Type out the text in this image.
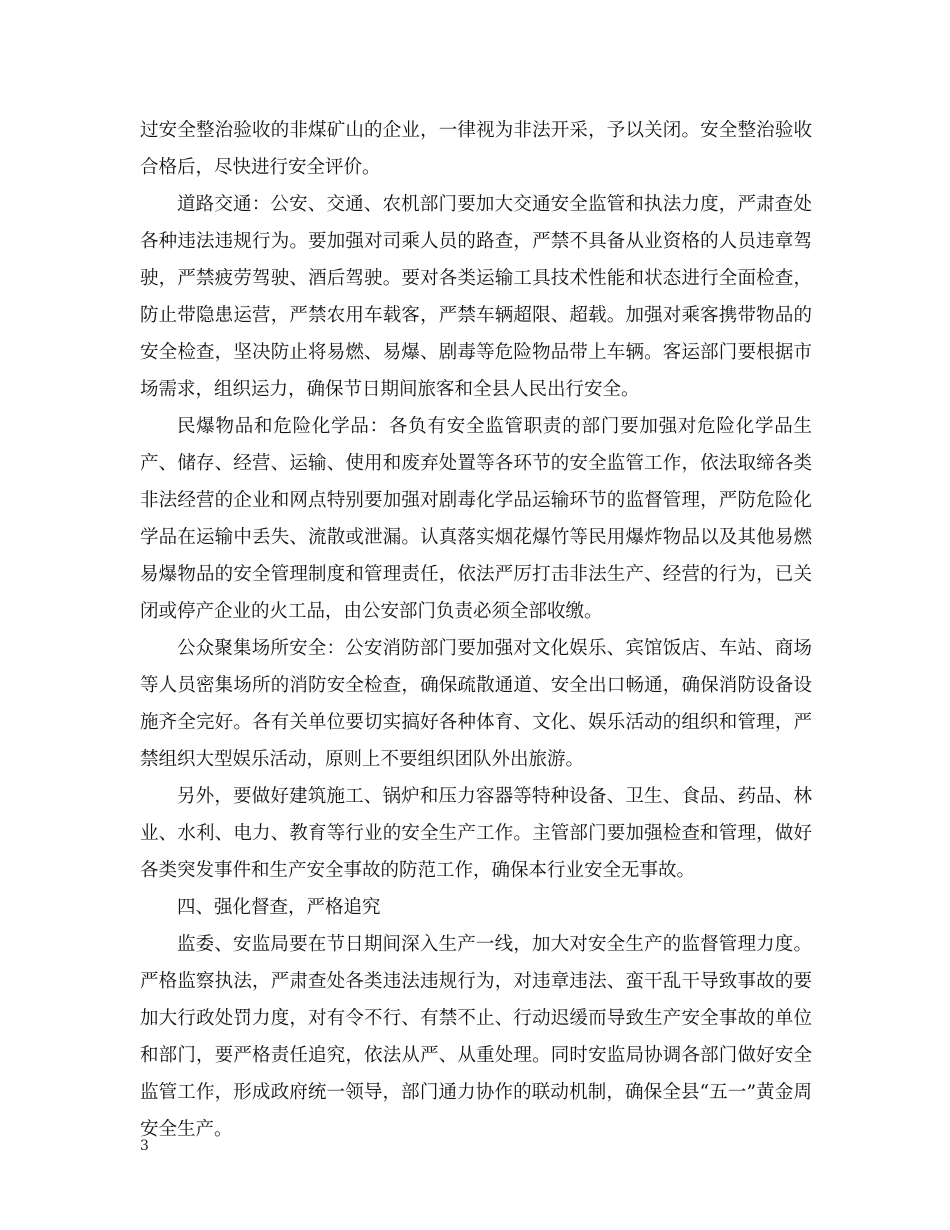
过安全整治验收的非煤矿山的企业，一律视为非法开采，予以关闭。安全整治验收合格后，尽快进行安全评价。

道路交通：公安、交通、农机部门要加大交通安全监管和执法力度，严肃查处各种违法违规行为。要加强对司乘人员的路查，严禁不具备从业资格的人员违章驾驶，严禁疲劳驾驶、酒后驾驶。要对各类运输工具技术性能和状态进行全面检查，防止带隐患运营，严禁农用车载客，严禁车辆超限、超载。加强对乘客携带物品的安全检查，坚决防止将易燃、易爆、剧毒等危险物品带上车辆。客运部门要根据市场需求，组织运力，确保节日期间旅客和全县人民出行安全。

民爆物品和危险化学品：各负有安全监管职责的部门要加强对危险化学品生产、储存、经营、运输、使用和废弃处置等各环节的安全监管工作，依法取缔各类非法经营的企业和网点特别要加强对剧毒化学品运输环节的监督管理，严防危险化学品在运输中丢失、流散或泄漏。认真落实烟花爆竹等民用爆炸物品以及其他易燃易爆物品的安全管理制度和管理责任，依法严厉打击非法生产、经营的行为，已关闭或停产企业的火工品，由公安部门负责必须全部收缴。

公众聚集场所安全：公安消防部门要加强对文化娱乐、宾馆饭店、车站、商场等人员密集场所的消防安全检查，确保疏散通道、安全出口畅通，确保消防设备设施齐全完好。各有关单位要切实搞好各种体育、文化、娱乐活动的组织和管理，严禁组织大型娱乐活动，原则上不要组织团队外出旅游。

另外，要做好建筑施工、锅炉和压力容器等特种设备、卫生、食品、药品、林业、水利、电力、教育等行业的安全生产工作。主管部门要加强检查和管理，做好各类突发事件和生产安全事故的防范工作，确保本行业安全无事故。

四、强化督查，严格追究

监委、安监局要在节日期间深入生产一线，加大对安全生产的监督管理力度。严格监察执法，严肃查处各类违法违规行为，对违章违法、蛮干乱干导致事故的要加大行政处罚力度，对有令不行、有禁不止、行动迟缓而导致生产安全事故的单位和部门，要严格责任追究，依法从严、从重处理。同时安监局协调各部门做好安全监管工作，形成政府统一领导，部门通力协作的联动机制，确保全县“五一”黄金周安全生产。

3
